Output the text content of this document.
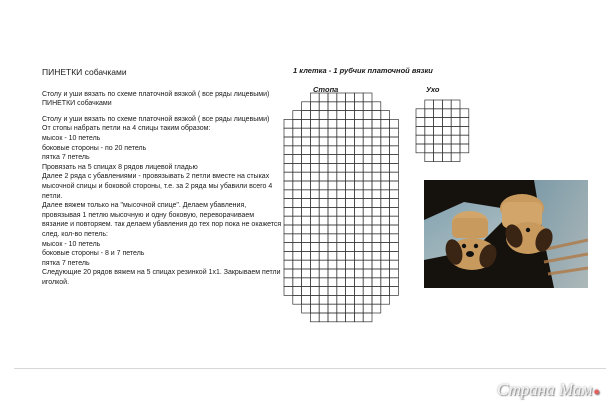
ПИНЕТКИ собачками
Столу и уши вязать по схеме платочной вязкой ( все ряды лицевыми)
ПИНЕТКИ собачками
Столу и уши вязать по схеме платочной вязкой ( все ряды лицевыми)
От стопы набрать петли на 4 спицы таким образом:
мысок - 10 петель
боковые стороны - по 20 петель
пятка 7 петель
Провязать на 5 спицах 8 рядов лицевой гладью
Далее 2 ряда с убавлениями - провязывать 2 петли вместе на стыках мысочной спицы и боковой стороны, т.е. за 2 ряда мы убавили всего 4 петли.
Далее вяжем только на "мысочной спице". Делаем убавления, провязывая 1 петлю мысочную и одну боковую, переворачиваем вязание и повторяем. так делаем убавления до тех пор пока не окажется след. кол-во петель:
мысок - 10 петель
боковые стороны - 8 и 7 петель
пятка 7 петель
Следующие 20 рядов вяжем на 5 спицах резинкой 1х1. Закрываем петли иголкой.
1 клетка - 1 рубчик платочной вязки
Стопа	Ухо
Страна Мам●
